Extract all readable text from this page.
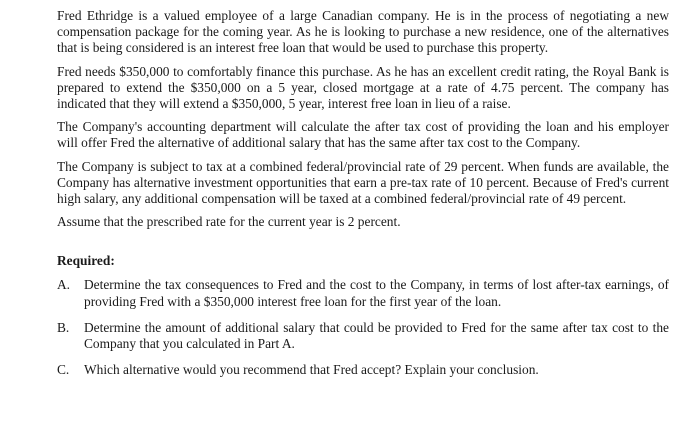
Fred Ethridge is a valued employee of a large Canadian company. He is in the process of negotiating a new compensation package for the coming year. As he is looking to purchase a new residence, one of the alternatives that is being considered is an interest free loan that would be used to purchase this property.

Fred needs $350,000 to comfortably finance this purchase. As he has an excellent credit rating, the Royal Bank is prepared to extend the $350,000 on a 5 year, closed mortgage at a rate of 4.75 percent. The company has indicated that they will extend a $350,000, 5 year, interest free loan in lieu of a raise.

The Company's accounting department will calculate the after tax cost of providing the loan and his employer will offer Fred the alternative of additional salary that has the same after tax cost to the Company.

The Company is subject to tax at a combined federal/provincial rate of 29 percent. When funds are available, the Company has alternative investment opportunities that earn a pre-tax rate of 10 percent. Because of Fred's current high salary, any additional compensation will be taxed at a combined federal/provincial rate of 49 percent.

Assume that the prescribed rate for the current year is 2 percent.

Required:
A. Determine the tax consequences to Fred and the cost to the Company, in terms of lost after-tax earnings, of providing Fred with a $350,000 interest free loan for the first year of the loan.
B. Determine the amount of additional salary that could be provided to Fred for the same after tax cost to the Company that you calculated in Part A.
C. Which alternative would you recommend that Fred accept? Explain your conclusion.
